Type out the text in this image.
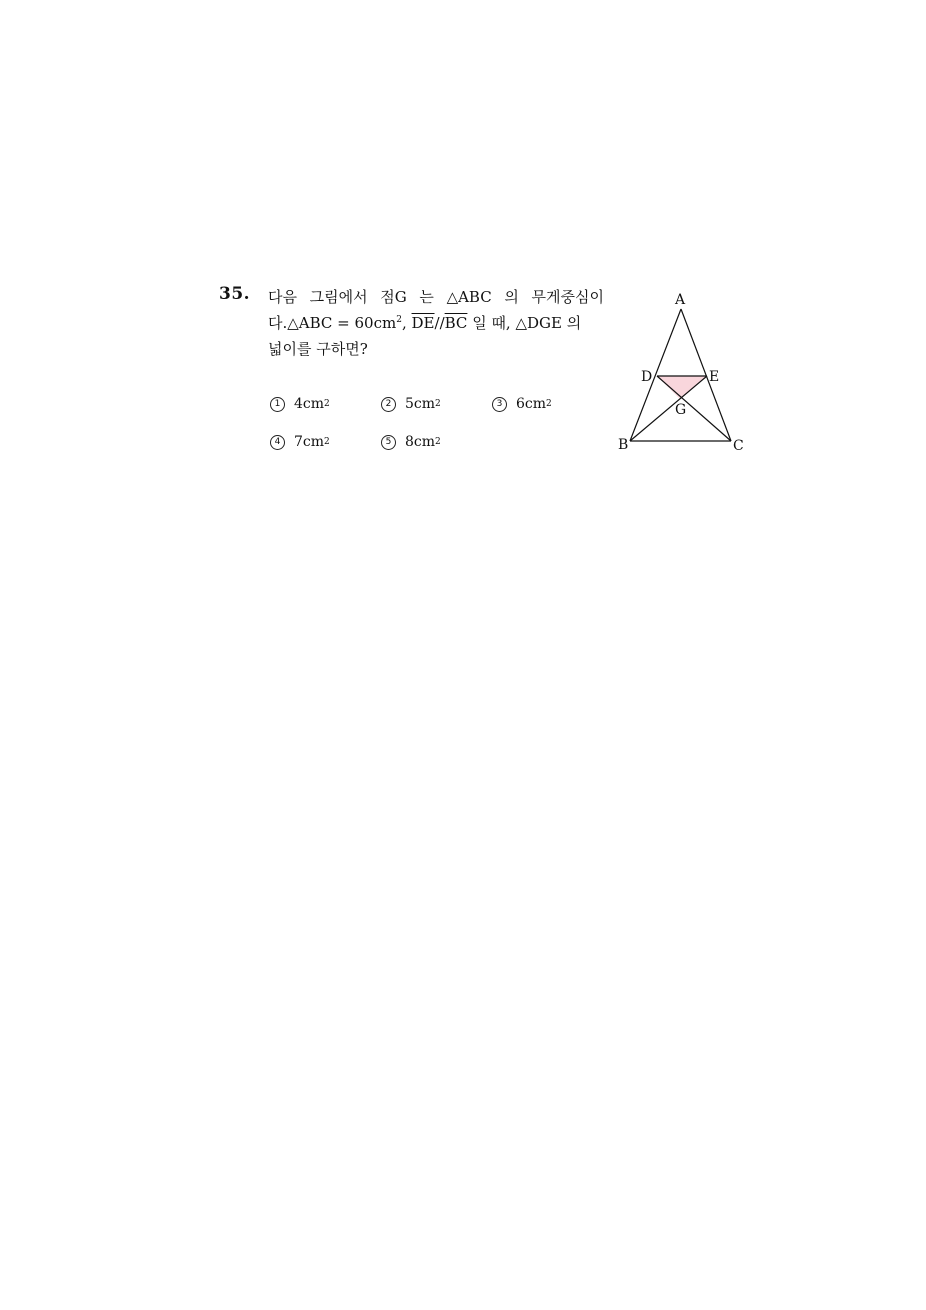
35. 다음 그림에서 점G 는 △ABC 의 무게중심이
다.△ABC = $60cm^2$, $\overline{DE}//\overline{BC}$ 일 때, △DGE 의
넓이를 구하면?
1 4cm 2	2 5cm 2	3 6cm 2
4 7cm 2	5 8cm 2
A
D	E
G
B	C
